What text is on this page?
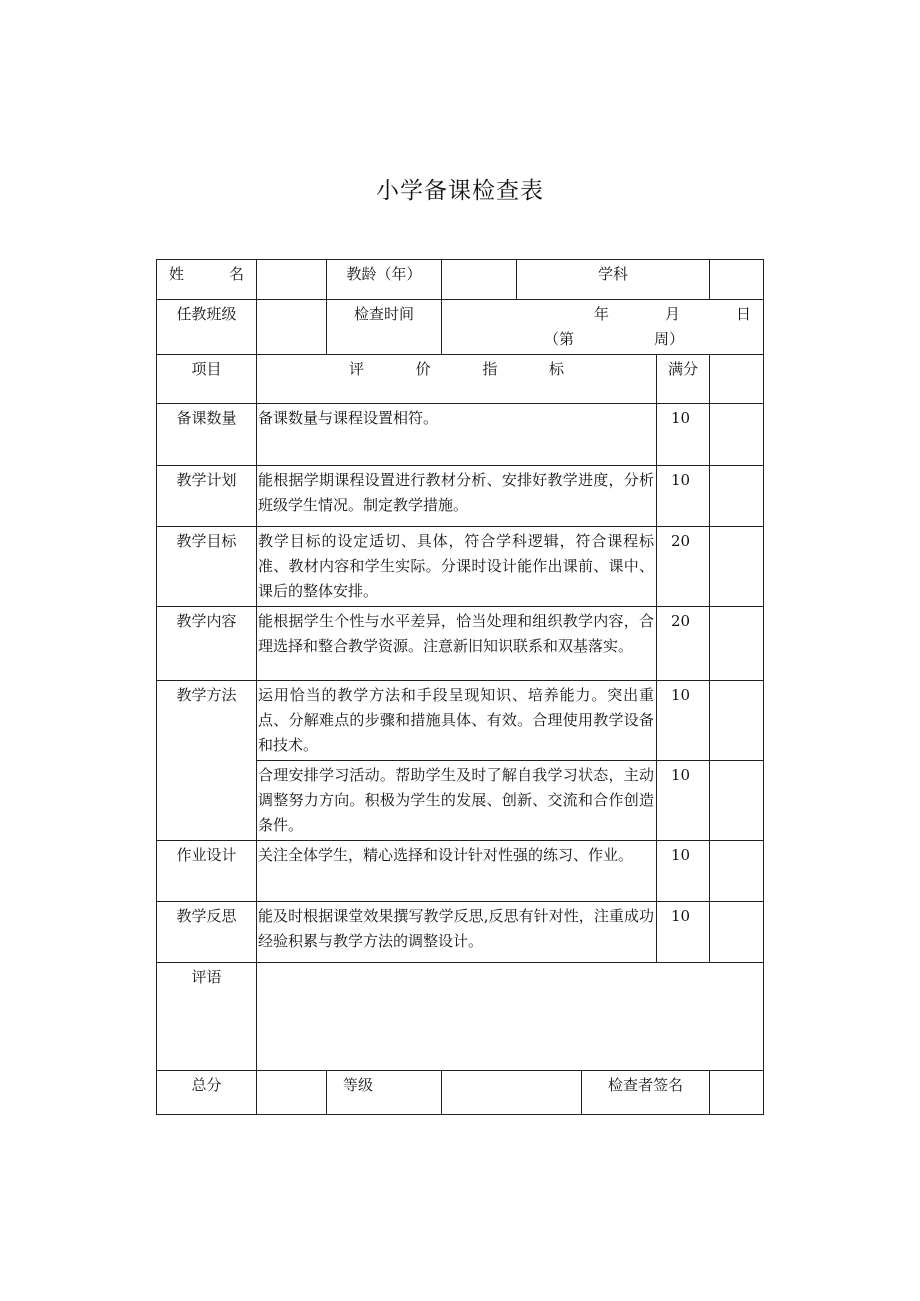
小学备课检查表
姓 名		教龄（年）		学科			
任教班级		检查时间	年 月 日
（第 周）				

项目	评 价 指 标					满分	
备课数量	备课数量与课程设置相符。					10	
教学计划	能根据学期课程设置进行教材分析、安排好教学进度，分析班级学生情况。制定教学措施。					10	
教学目标	教学目标的设定适切、具体，符合学科逻辑，符合课程标准、教材内容和学生实际。分课时设计能作出课前、课中、课后的整体安排。					20	
教学内容	能根据学生个性与水平差异，恰当处理和组织教学内容，合理选择和整合教学资源。注意新旧知识联系和双基落实。					20	
教学方法	运用恰当的教学方法和手段呈现知识、培养能力。突出重点、分解难点的步骤和措施具体、有效。合理使用教学设备和技术。					10	
	合理安排学习活动。帮助学生及时了解自我学习状态，主动调整努力方向。积极为学生的发展、创新、交流和合作创造条件。					10	
作业设计	关注全体学生，精心选择和设计针对性强的练习、作业。					10	
教学反思	能及时根据课堂效果撰写教学反思,反思有针对性，注重成功经验积累与教学方法的调整设计。					10	
评语							
总分		等级			检查者签名		
